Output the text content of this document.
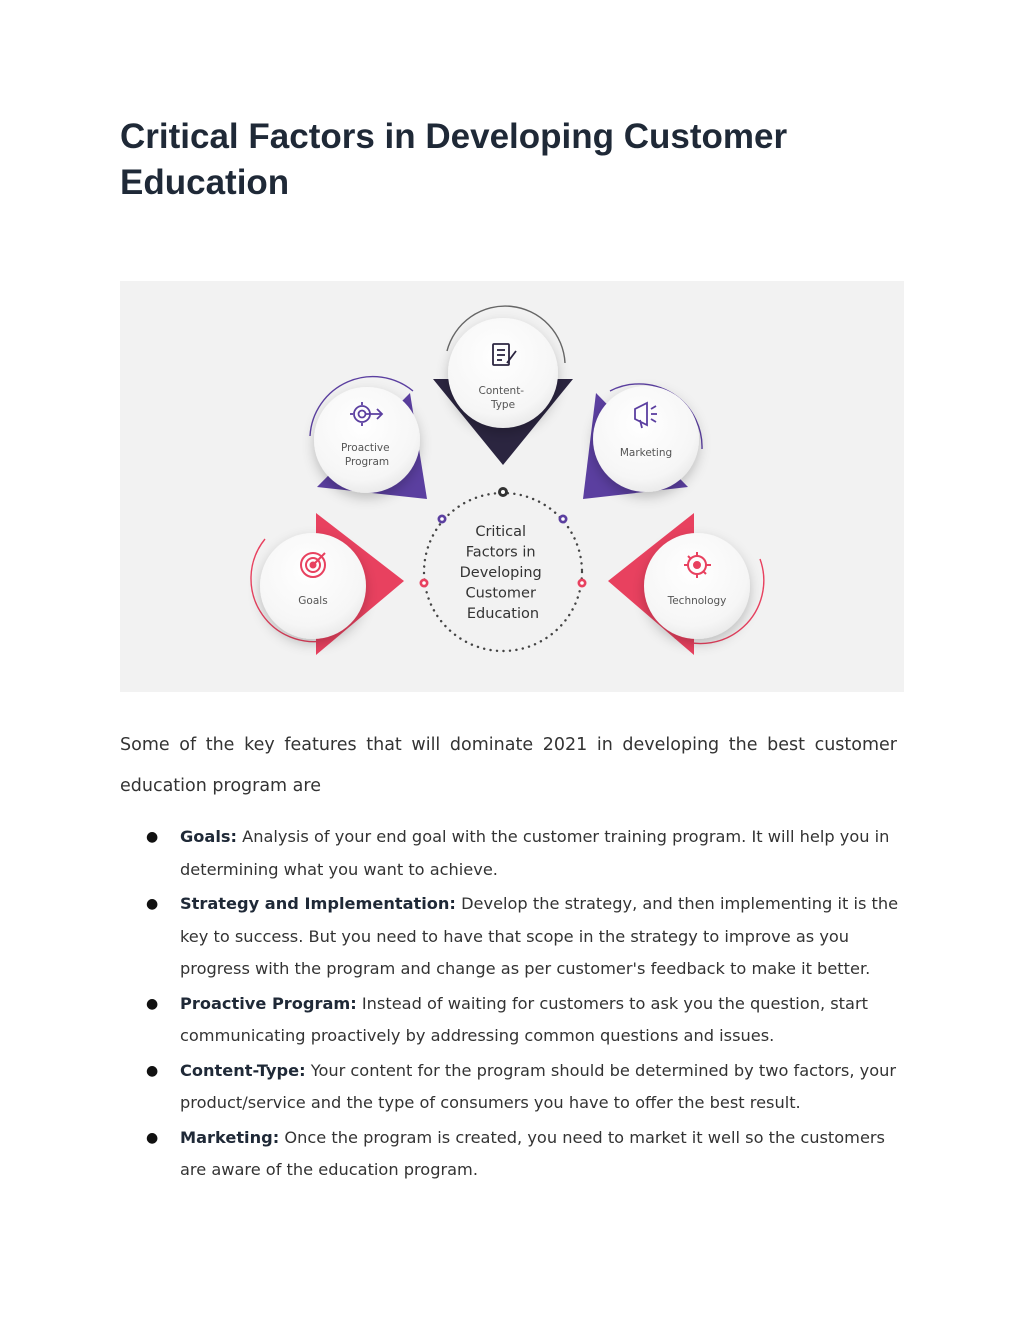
Critical Factors in Developing Customer Education
Critical Factors in Developing Customer Education
Content- Type
Proactive Program
Marketing
Goals	Technology

Some of the key features that will dominate 2021 in developing the best customer education program are

● Goals: Analysis of your end goal with the customer training program. It will help you in determining what you want to achieve.
● Strategy and Implementation: Develop the strategy, and then implementing it is the key to success. But you need to have that scope in the strategy to improve as you progress with the program and change as per customer's feedback to make it better.
● Proactive Program: Instead of waiting for customers to ask you the question, start communicating proactively by addressing common questions and issues.
● Content-Type: Your content for the program should be determined by two factors, your product/service and the type of consumers you have to offer the best result.
● Marketing: Once the program is created, you need to market it well so the customers are aware of the education program.
